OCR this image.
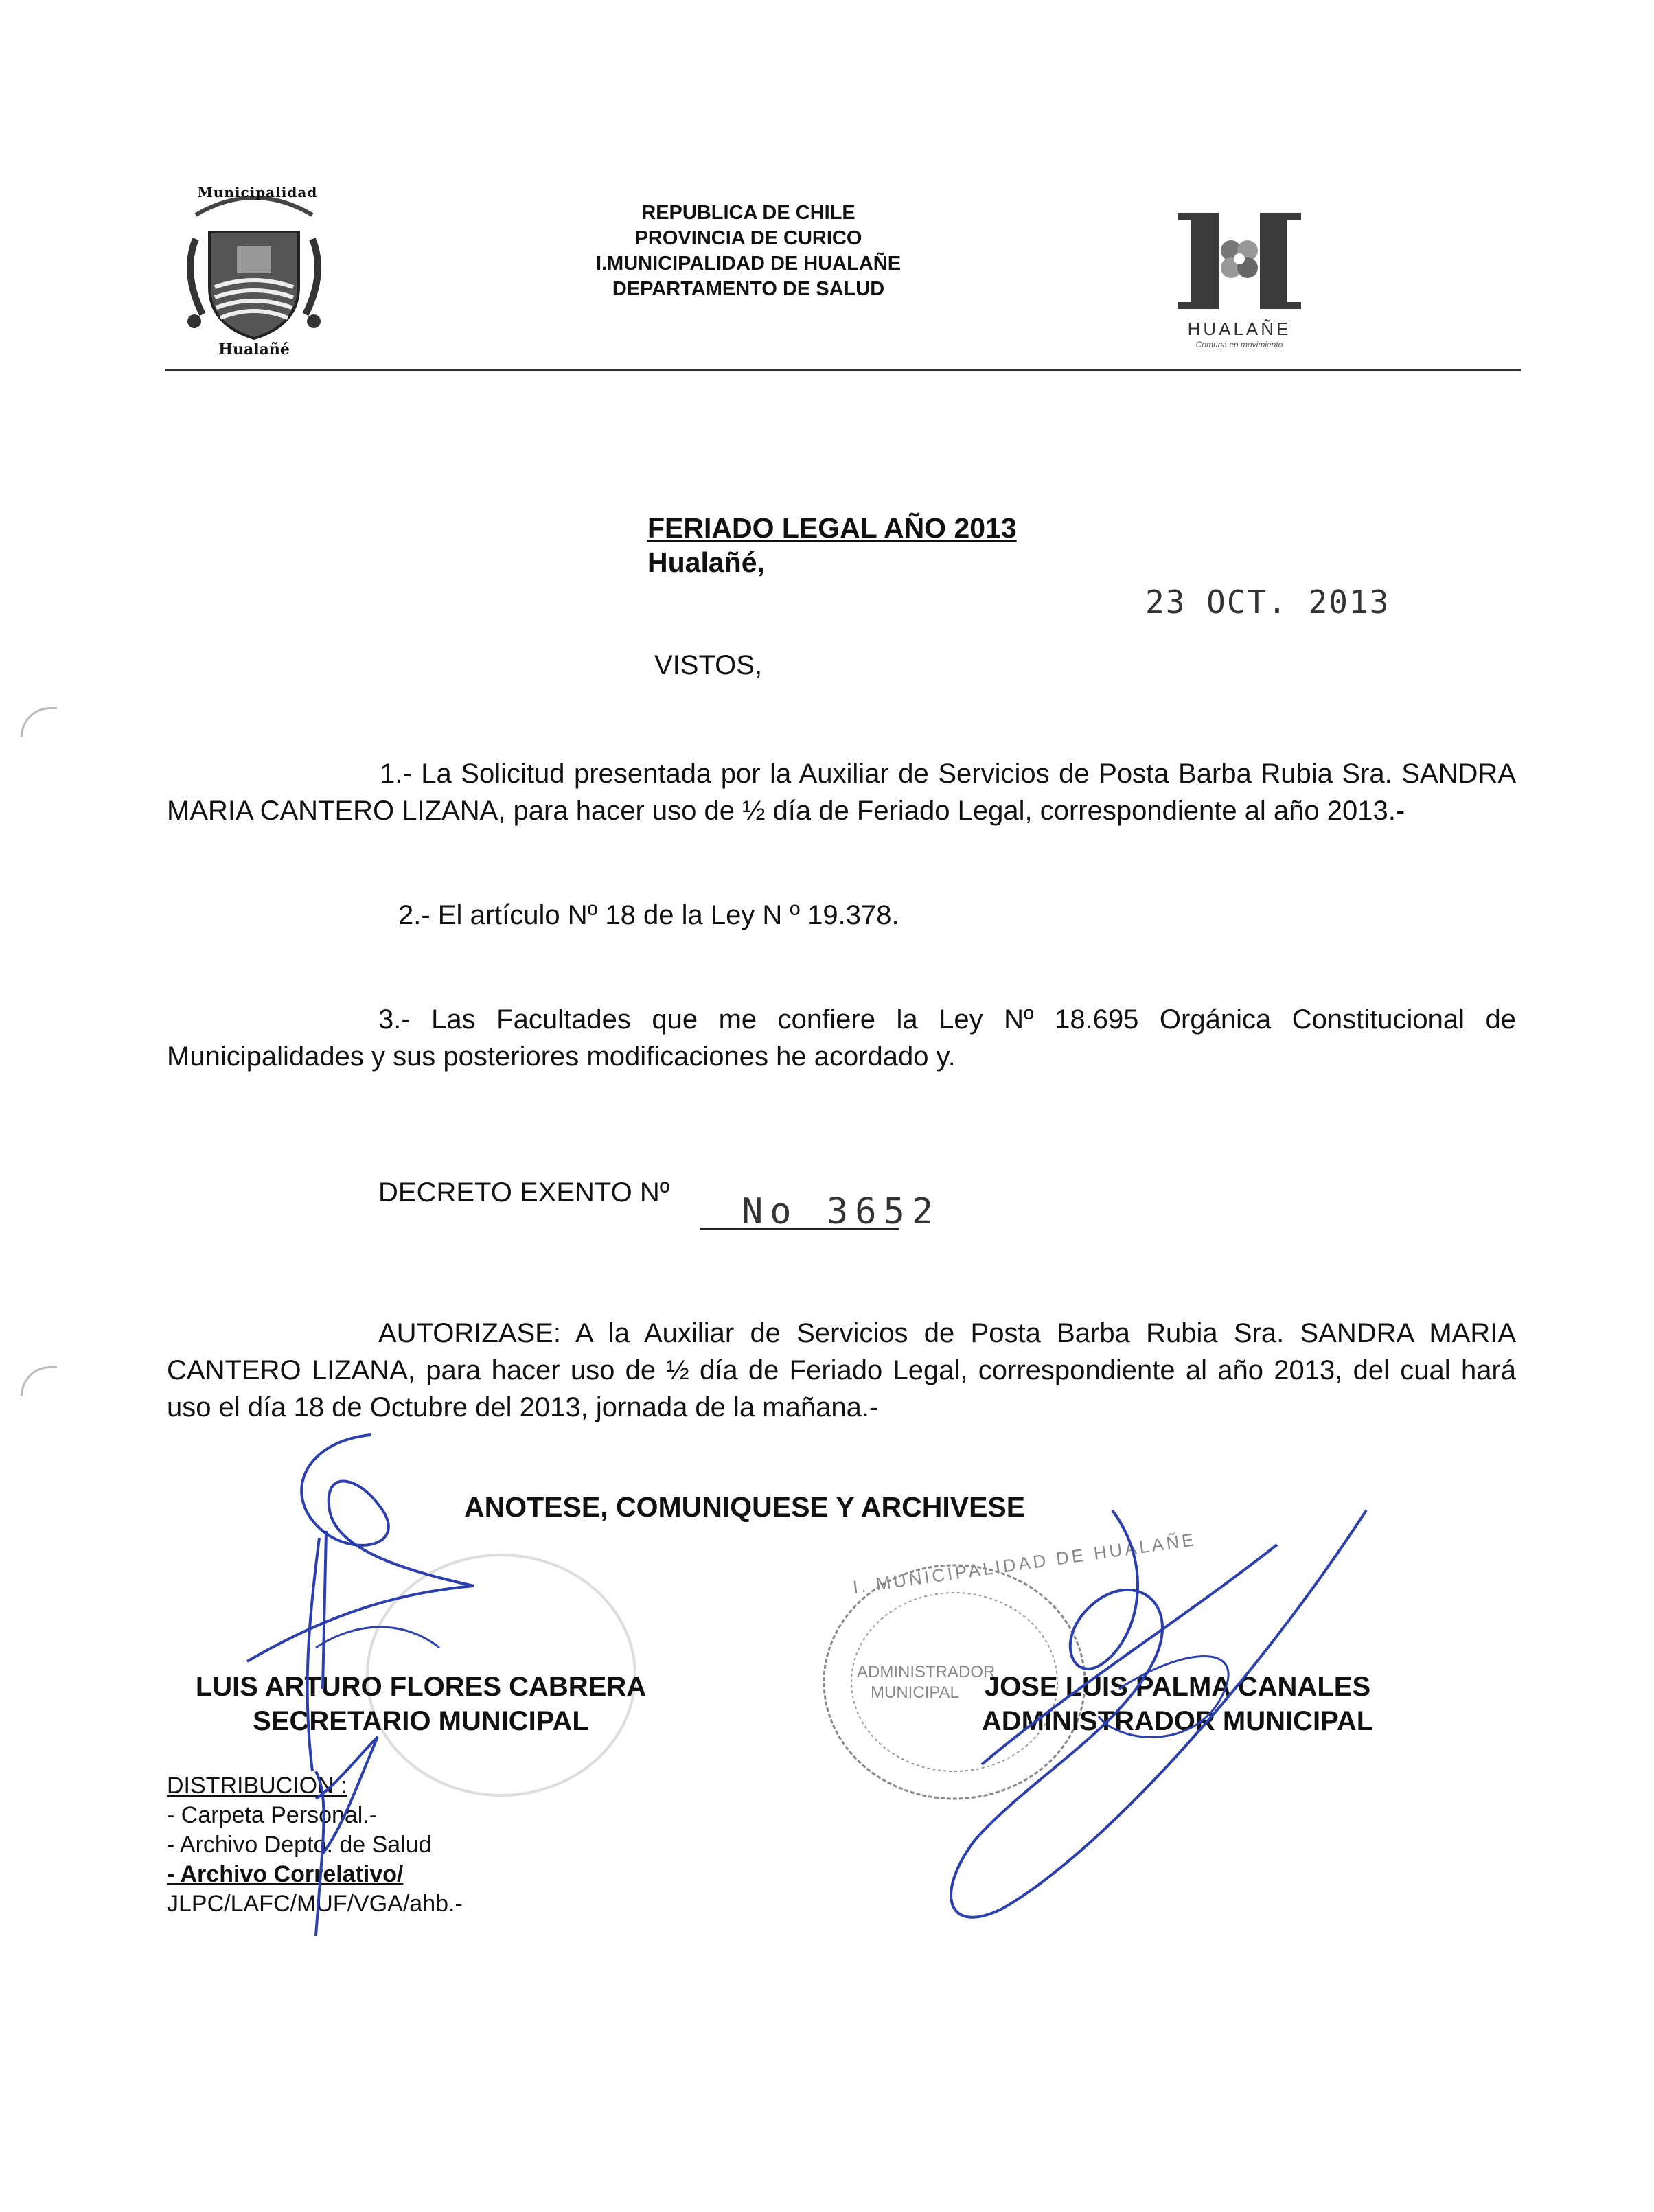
Municipalidad
Hualañé
REPUBLICA DE CHILE
PROVINCIA DE CURICO
I.MUNICIPALIDAD DE HUALAÑE
DEPARTAMENTO DE SALUD
HUALAÑE
Comuna en movimiento
FERIADO LEGAL AÑO 2013
Hualañé,
23 OCT. 2013
VISTOS,
1.- La Solicitud presentada por la Auxiliar de Servicios de Posta Barba Rubia Sra. SANDRA MARIA CANTERO LIZANA, para hacer uso de ½ día de Feriado Legal, correspondiente al año 2013.-
2.- El artículo Nº 18 de la Ley N º 19.378.
3.- Las Facultades que me confiere la Ley Nº 18.695 Orgánica Constitucional de Municipalidades y sus posteriores modificaciones he acordado y.
DECRETO EXENTO Nº No 3652
AUTORIZASE: A la Auxiliar de Servicios de Posta Barba Rubia Sra. SANDRA MARIA CANTERO LIZANA, para hacer uso de ½ día de Feriado Legal, correspondiente al año 2013, del cual hará uso el día 18 de Octubre del 2013, jornada de la mañana.-
ANOTESE, COMUNIQUESE Y ARCHIVESE
I. MUNICIPALIDAD DE HUALAÑE
ADMINISTRADOR
MUNICIPAL
LUIS ARTURO FLORES CABRERA
SECRETARIO MUNICIPAL
JOSE LUIS PALMA CANALES
ADMINISTRADOR MUNICIPAL
DISTRIBUCION :
- Carpeta Personal.-
- Archivo Depto. de Salud
- Archivo Correlativo/
JLPC/LAFC/MUF/VGA/ahb.-
